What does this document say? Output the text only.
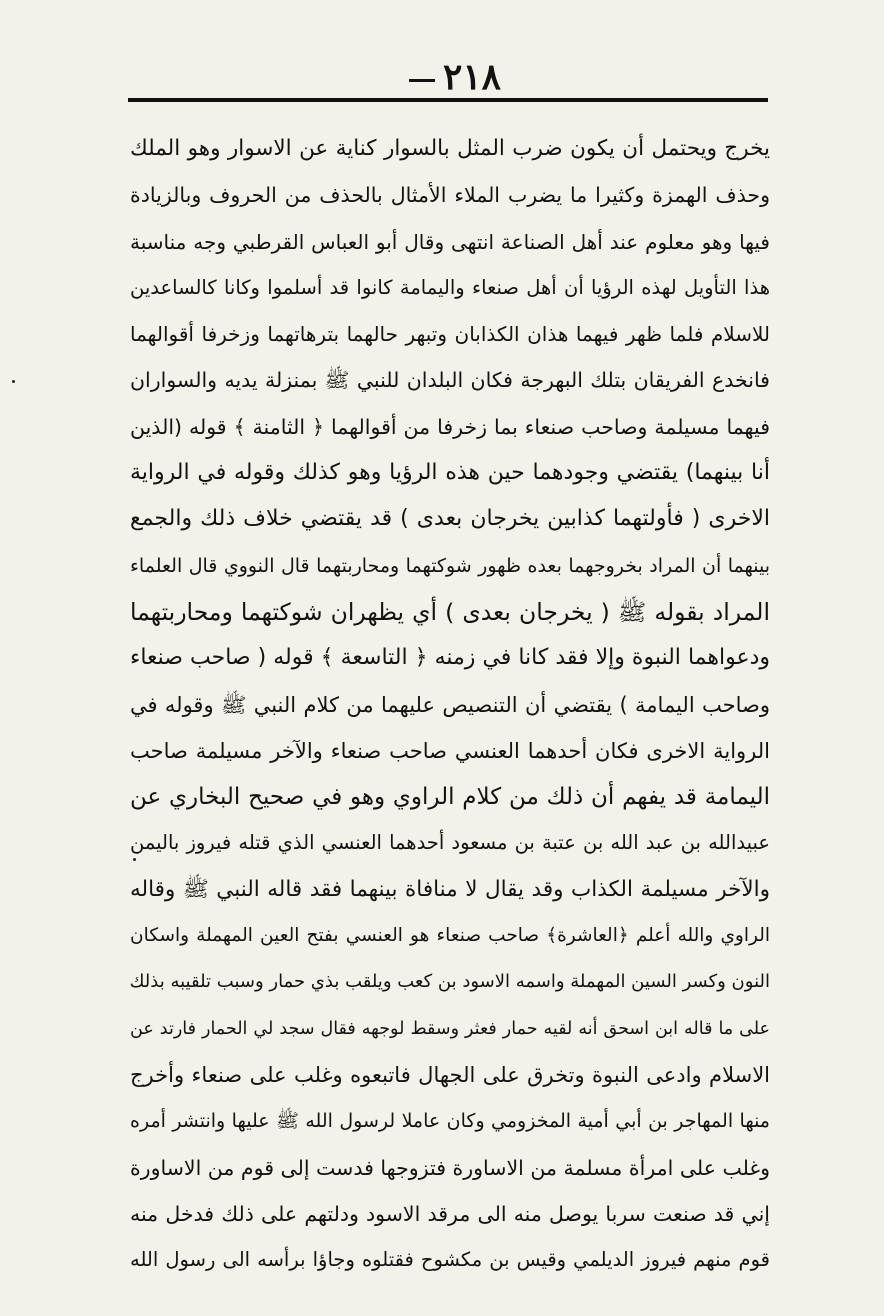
٢١٨
يخرج ويحتمل أن يكون ضرب المثل بالسوار كناية عن الاسوار وهو الملك
وحذف الهمزة وكثيرا ما يضرب الملاء الأمثال بالحذف من الحروف وبالزيادة
فيها وهو معلوم عند أهل الصناعة انتهى وقال أبو العباس القرطبي وجه مناسبة
هذا التأويل لهذه الرؤيا أن أهل صنعاء واليمامة كانوا قد أسلموا وكانا كالساعدين
للاسلام فلما ظهر فيهما هذان الكذابان وتبهر حالهما بترهاتهما وزخرفا أقوالهما
فانخدع الفريقان بتلك البهرجة فكان البلدان للنبي ﷺ بمنزلة يديه والسواران
فيهما مسيلمة وصاحب صنعاء بما زخرفا من أقوالهما ﴿ الثامنة ﴾ قوله (الذين
أنا بينهما) يقتضي وجودهما حين هذه الرؤيا وهو كذلك وقوله في الرواية
الاخرى ( فأولتهما كذابين يخرجان بعدى ) قد يقتضي خلاف ذلك والجمع
بينهما أن المراد بخروجهما بعده ظهور شوكتهما ومحاربتهما قال النووي قال العلماء
المراد بقوله ﷺ ( يخرجان بعدى ) أي يظهران شوكتهما ومحاربتهما
ودعواهما النبوة وإلا فقد كانا في زمنه ﴿ التاسعة ﴾ قوله ( صاحب صنعاء
وصاحب اليمامة ) يقتضي أن التنصيص عليهما من كلام النبي ﷺ وقوله في
الرواية الاخرى فكان أحدهما العنسي صاحب صنعاء والآخر مسيلمة صاحب
اليمامة قد يفهم أن ذلك من كلام الراوي وهو في صحيح البخاري عن
عبيدالله بن عبد الله بن عتبة بن مسعود أحدهما العنسي الذي قتله فيروز باليمن
والآخر مسيلمة الكذاب وقد يقال لا منافاة بينهما فقد قاله النبي ﷺ وقاله
الراوي والله أعلم ﴿العاشرة﴾ صاحب صنعاء هو العنسي بفتح العين المهملة واسكان
النون وكسر السين المهملة واسمه الاسود بن كعب ويلقب بذي حمار وسبب تلقيبه بذلك
على ما قاله ابن اسحق أنه لقيه حمار فعثر وسقط لوجهه فقال سجد لي الحمار فارتد عن
الاسلام وادعى النبوة وتخرق على الجهال فاتبعوه وغلب على صنعاء وأخرج
منها المهاجر بن أبي أمية المخزومي وكان عاملا لرسول الله ﷺ عليها وانتشر أمره
وغلب على امرأة مسلمة من الاساورة فتزوجها فدست إلى قوم من الاساورة
إني قد صنعت سربا يوصل منه الى مرقد الاسود ودلتهم على ذلك فدخل منه
قوم منهم فيروز الديلمي وقيس بن مكشوح فقتلوه وجاؤا برأسه الى رسول الله
